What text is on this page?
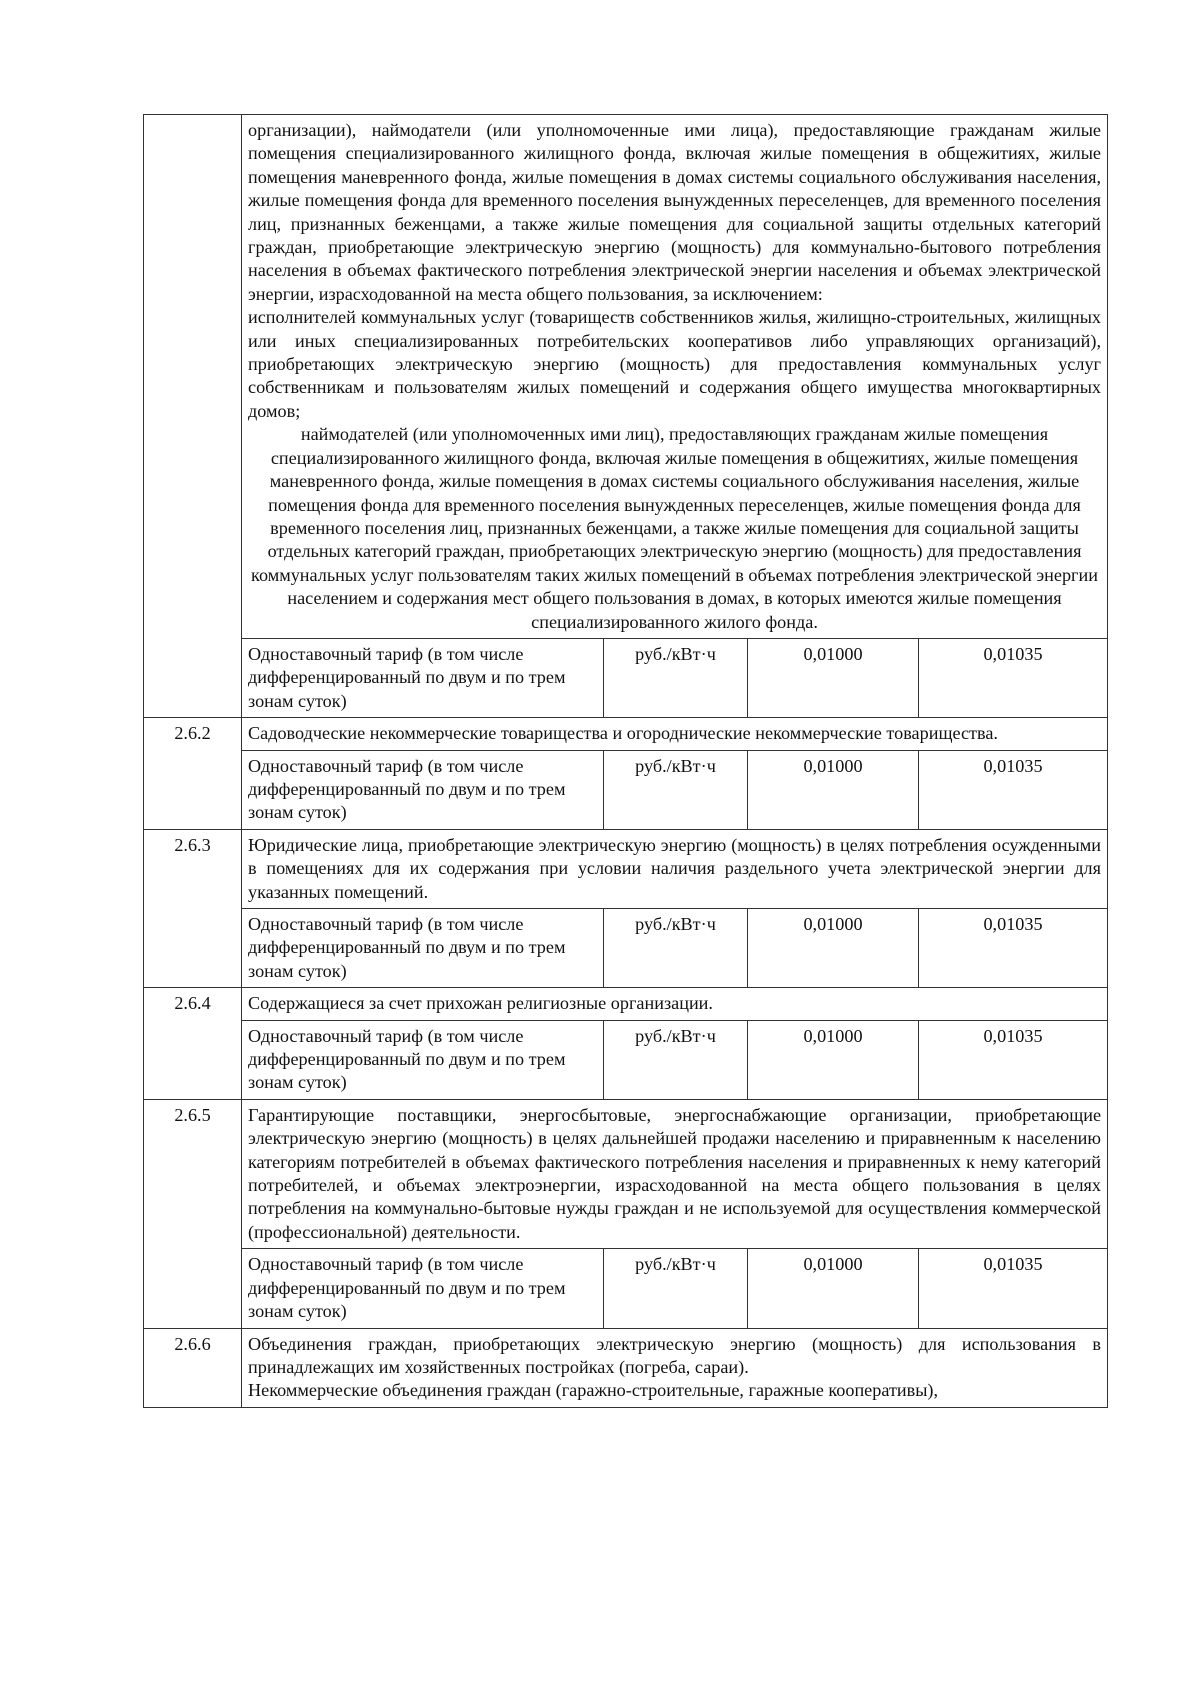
	организации), наймодатели (или уполномоченные ими лица), предоставляющие гражданам жилые помещения специализированного жилищного фонда, включая жилые помещения в общежитиях, жилые помещения маневренного фонда, жилые помещения в домах системы социального обслуживания населения, жилые помещения фонда для временного поселения вынужденных переселенцев, для временного поселения лиц, признанных беженцами, а также жилые помещения для социальной защиты отдельных категорий граждан, приобретающие электрическую энергию (мощность) для коммунально-бытового потребления населения в объемах фактического потребления электрической энергии населения и объемах электрической энергии, израсходованной на места общего пользования, за исключением:

исполнителей коммунальных услуг (товариществ собственников жилья, жилищно-строительных, жилищных или иных специализированных потребительских кооперативов либо управляющих организаций), приобретающих электрическую энергию (мощность) для предоставления коммунальных услуг собственникам и пользователям жилых помещений и содержания общего имущества многоквартирных домов;

наймодателей (или уполномоченных ими лиц), предоставляющих гражданам жилые помещения специализированного жилищного фонда, включая жилые помещения в общежитиях, жилые помещения маневренного фонда, жилые помещения в домах системы социального обслуживания населения, жилые помещения фонда для временного поселения вынужденных переселенцев, жилые помещения фонда для временного поселения лиц, признанных беженцами, а также жилые помещения для социальной защиты отдельных категорий граждан, приобретающих электрическую энергию (мощность) для предоставления коммунальных услуг пользователям таких жилых помещений в объемах потребления электрической энергии населением и содержания мест общего пользования в домах, в которых имеются жилые помещения специализированного жилого фонда.			

	Одноставочный тариф (в том числе дифференцированный по двум и по трем зонам суток)	руб./кВт·ч	0,01000	0,01035
2.6.2	Садоводческие некоммерческие товарищества и огороднические некоммерческие товарищества.			

	Одноставочный тариф (в том числе дифференцированный по двум и по трем зонам суток)	руб./кВт·ч	0,01000	0,01035
2.6.3	Юридические лица, приобретающие электрическую энергию (мощность) в целях потребления осужденными в помещениях для их содержания при условии наличия раздельного учета электрической энергии для указанных помещений.			

	Одноставочный тариф (в том числе дифференцированный по двум и по трем зонам суток)	руб./кВт·ч	0,01000	0,01035
2.6.4	Содержащиеся за счет прихожан религиозные организации.			

	Одноставочный тариф (в том числе дифференцированный по двум и по трем зонам суток)	руб./кВт·ч	0,01000	0,01035
2.6.5	Гарантирующие поставщики, энергосбытовые, энергоснабжающие организации, приобретающие электрическую энергию (мощность) в целях дальнейшей продажи населению и приравненным к населению категориям потребителей в объемах фактического потребления населения и приравненных к нему категорий потребителей, и объемах электроэнергии, израсходованной на места общего пользования в целях потребления на коммунально-бытовые нужды граждан и не используемой для осуществления коммерческой (профессиональной) деятельности.			

	Одноставочный тариф (в том числе дифференцированный по двум и по трем зонам суток)	руб./кВт·ч	0,01000	0,01035
2.6.6	Объединения граждан, приобретающих электрическую энергию (мощность) для использования в принадлежащих им хозяйственных постройках (погреба, сараи).

Некоммерческие объединения граждан (гаражно-строительные, гаражные кооперативы),			
